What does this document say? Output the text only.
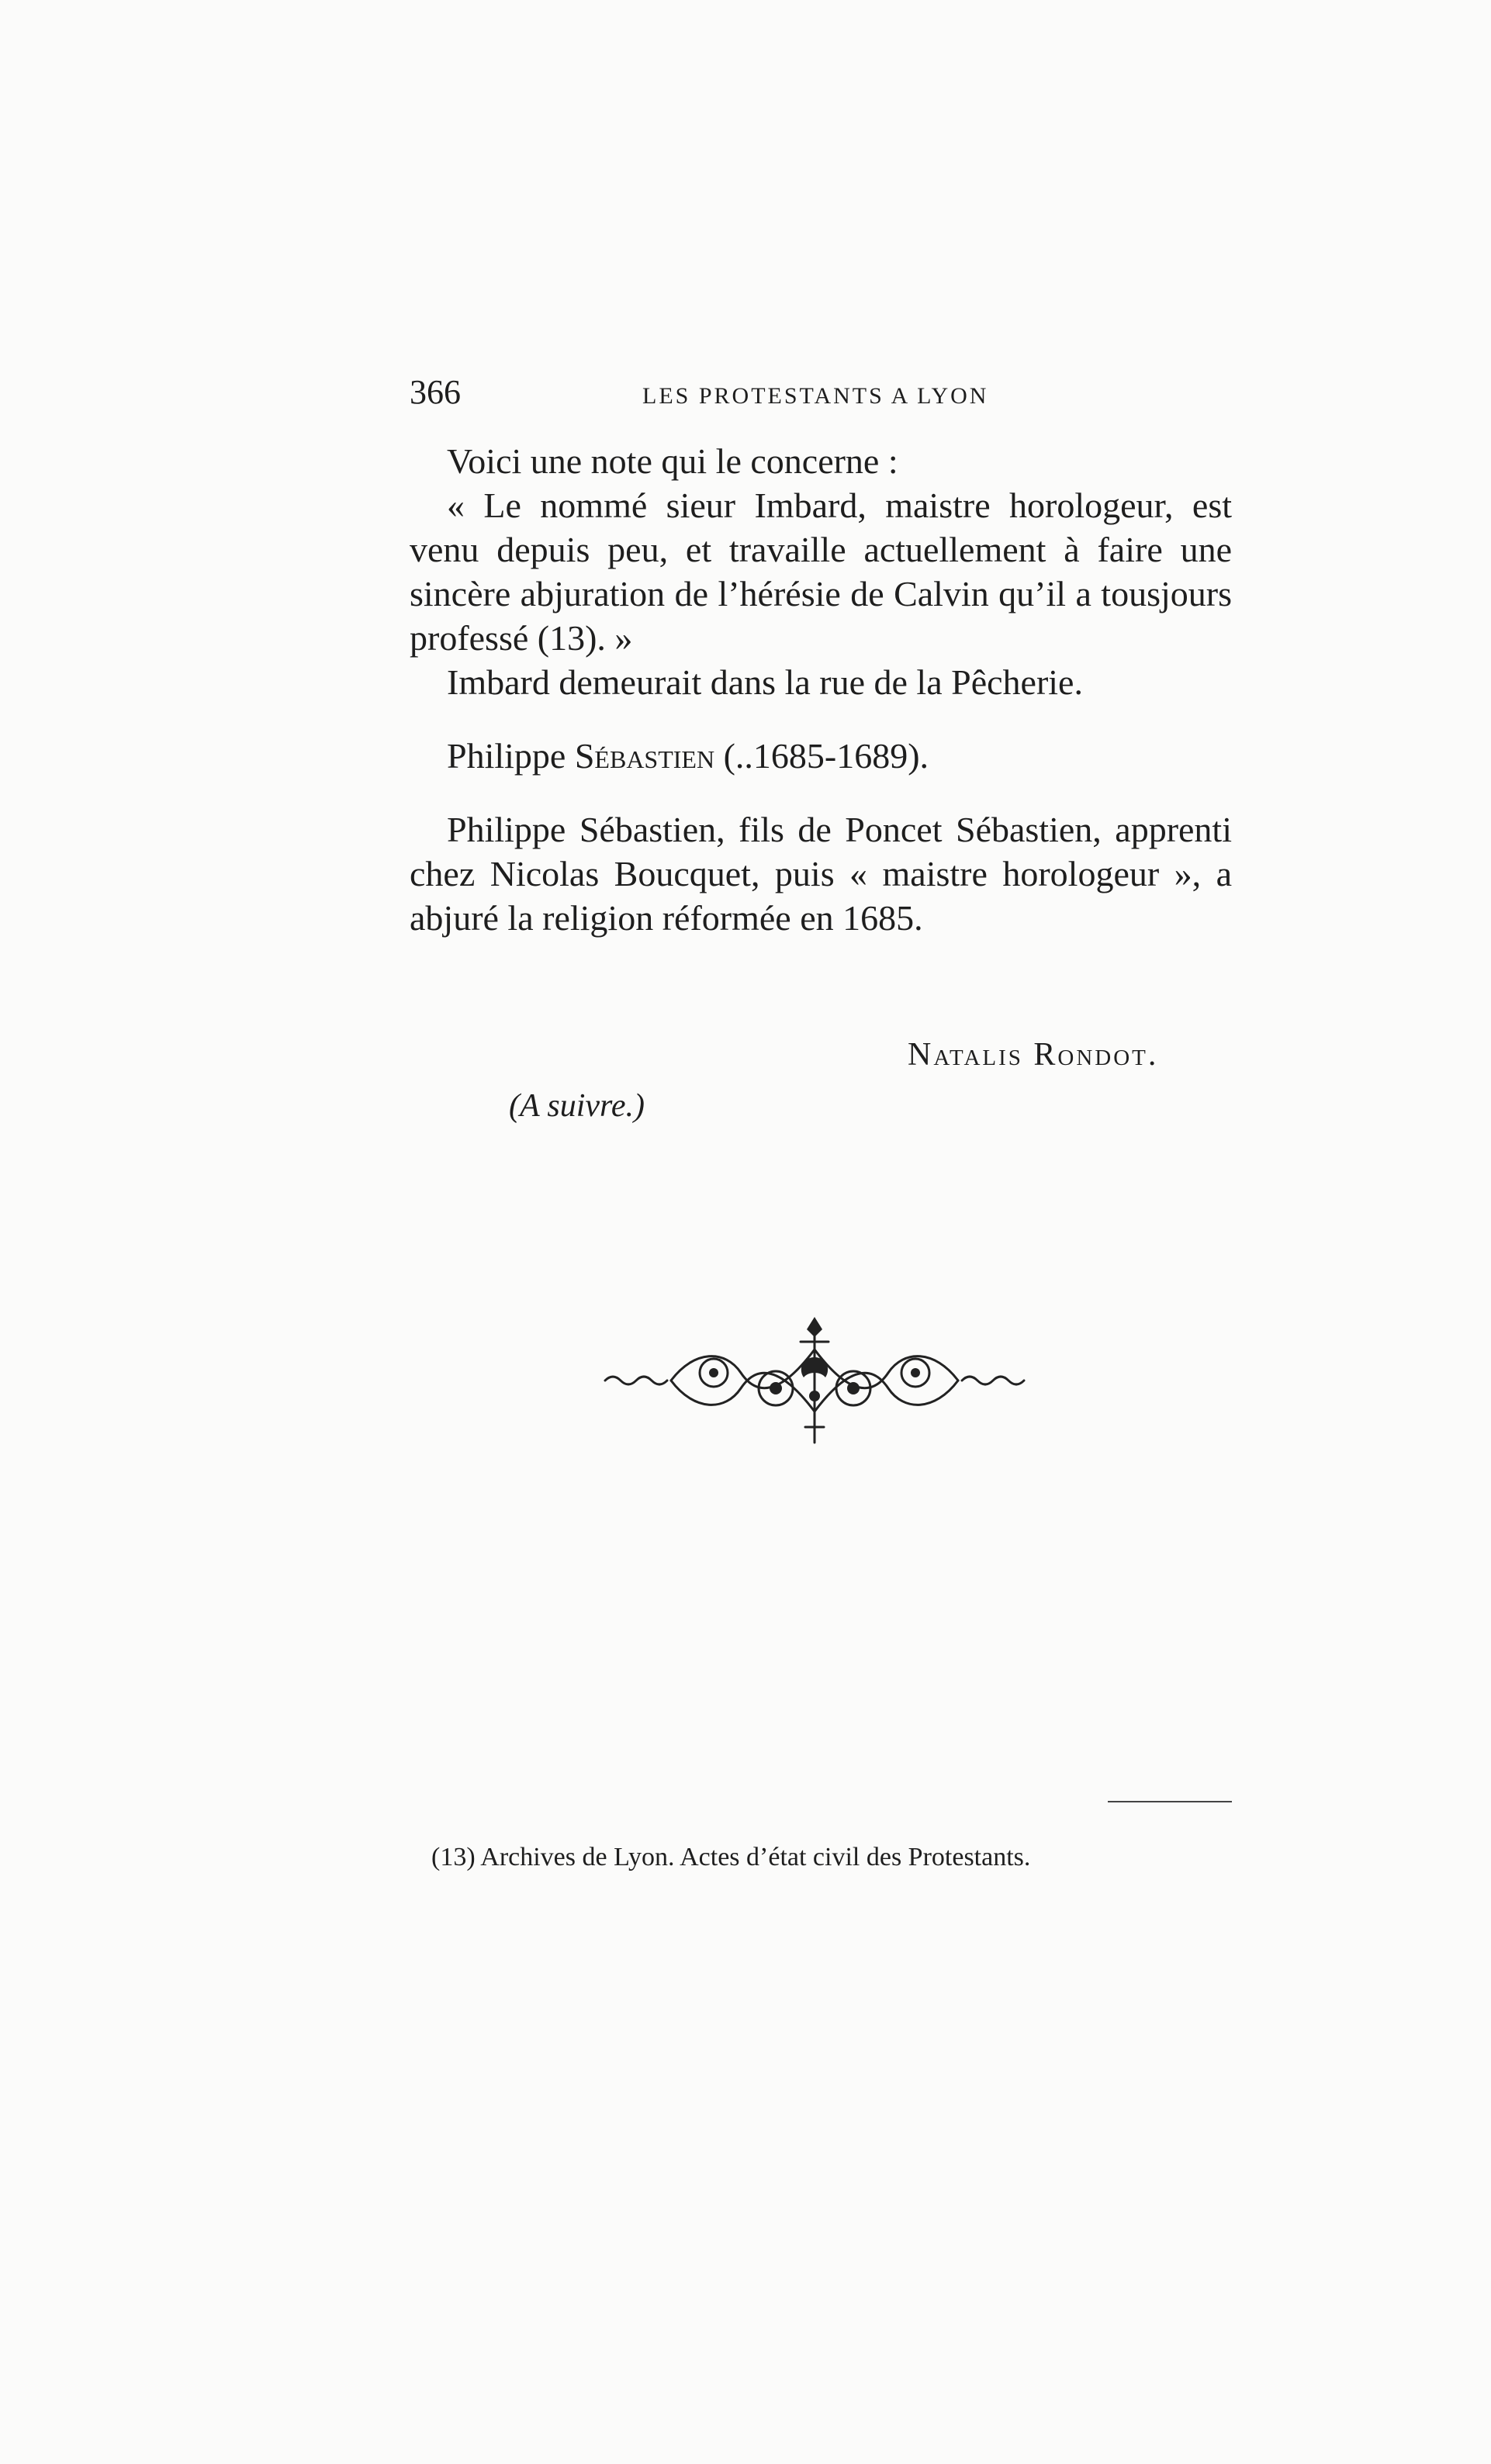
366	LES PROTESTANTS A LYON

Voici une note qui le concerne :

« Le nommé sieur Imbard, maistre horologeur, est venu depuis peu, et travaille actuellement à faire une sincère abjuration de l’hérésie de Calvin qu’il a tousjours professé (13). »

Imbard demeurait dans la rue de la Pêcherie.

Philippe Sébastien (..1685-1689).

Philippe Sébastien, fils de Poncet Sébastien, apprenti chez Nicolas Boucquet, puis « maistre horologeur », a abjuré la religion réformée en 1685.

Natalis Rondot.
(A suivre.)
(13) Archives de Lyon. Actes d’état civil des Protestants.
